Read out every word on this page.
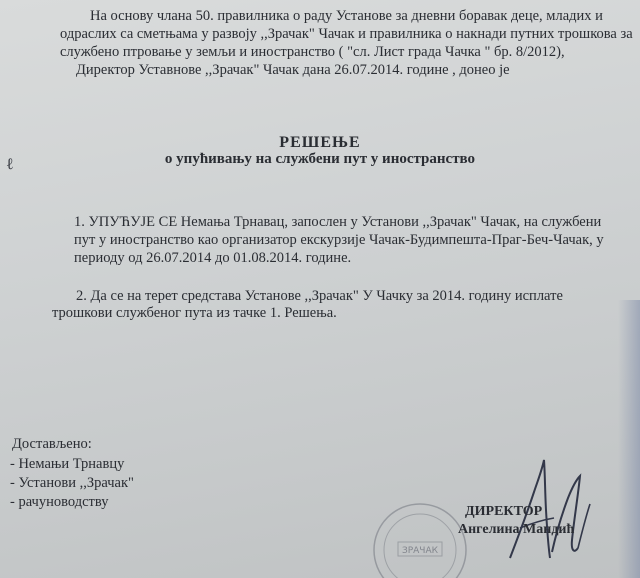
На основу члана 50. правилника о раду Установе за дневни боравак деце, младих и
одраслих са сметњама у развоју ,,Зрачак" Чачак и правилника о накнади путних трошкова за
службено птровање у земљи и иностранство ( "сл. Лист града Чачка " бр. 8/2012),
Директор Уставнове ,,Зрачак" Чачак дана 26.07.2014. године , донео је
ℓ
РЕШЕЊЕ
о упућивању на службени пут у иностранство
1. УПУЋУЈЕ СЕ Немања Трнавац, запослен у Установи ,,Зрачак" Чачак, на службени
пут у иностранство као организатор екскурзије Чачак-Будимпешта-Праг-Беч-Чачак, у
периоду од 26.07.2014 до 01.08.2014. године.
2. Да се на терет средстава Установе ,,Зрачак" У Чачку за 2014. годину исплате
трошкови службеног пута из тачке 1. Решења.
Достављено:
- Немањи Трнавцу
- Установи ,,Зрачак"
- рачуноводству
ЗРАЧАК
ДИРЕКТОР
Ангелина Мандић
